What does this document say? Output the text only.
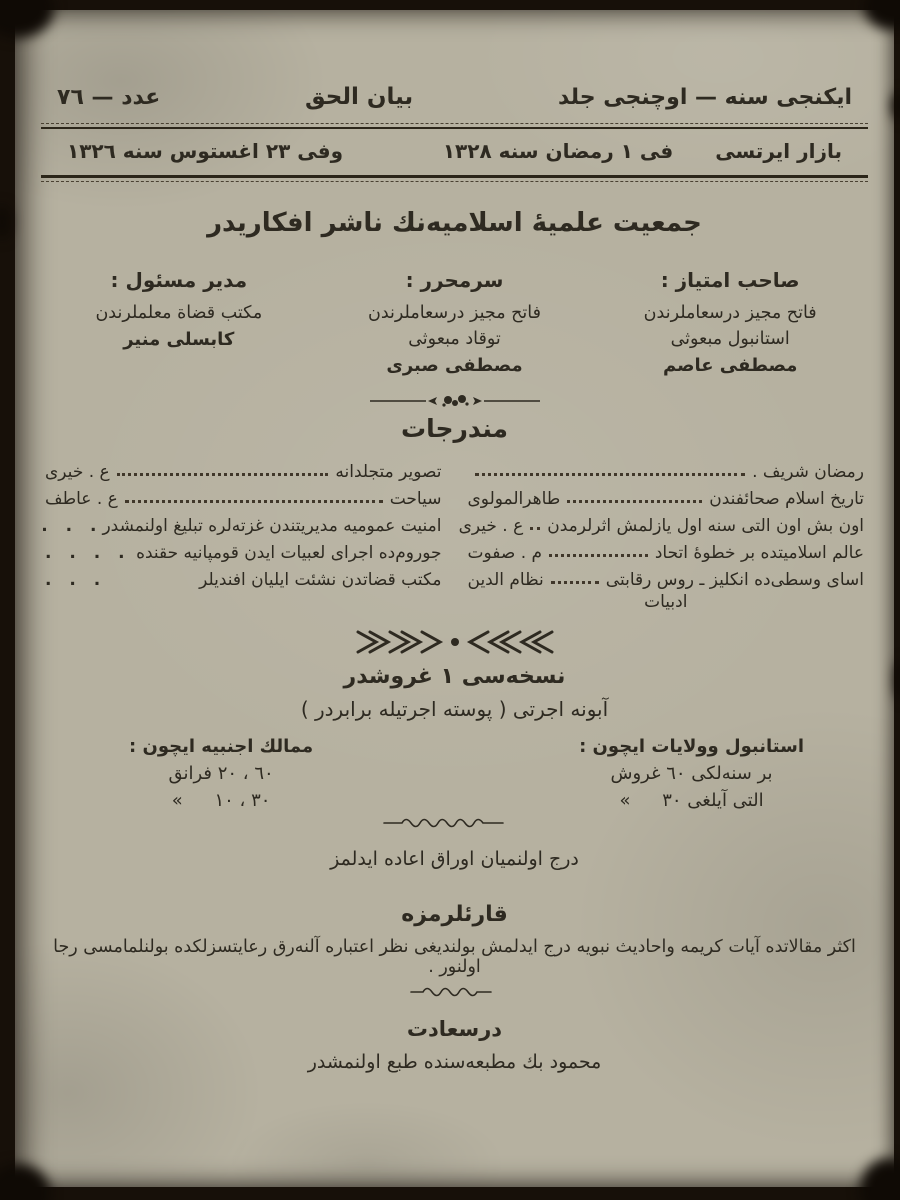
ايكنجى سنه — اوچنجى جلد
بيان الحق
عدد — ٧٦
بازار ايرتسى
فى ١ رمضان سنه ١٣٢٨
وفى ٢٣ اغستوس سنه ١٣٢٦
جمعيت علميهٔ اسلاميه‌نك ناشر افكاريدر
صاحب امتياز :
فاتح مجيز درسعاملرندن
استانبول مبعوثى
مصطفى عاصم
سرمحرر :
فاتح مجيز درسعاملرندن
توقاد مبعوثى
مصطفى صبرى
مدير مسئول :
مكتب قضاة معلملرندن
كابسلى منير
مندرجات
رمضان شريف .
تاريخ اسلام صحائفندن
طاهرالمولوى
اون بش اون التى سنه اول يازلمش اثرلرمدن
ع . خيرى
عالم اسلاميتده بر خطوهٔ اتحاد
م . صفوت
اساى وسطى‌ده انكليز ـ روس رقابتى
نظام الدين
ادبيات
تصوير متجلدانه
ع . خيرى
سياحت
ع . عاطف
امنيت عموميه مديريتندن غزته‌لره تبليغ اولنمشدر
. . .
جوروم‌ده اجراى لعبيات ايدن قومپانيه حقنده
. . . .
مكتب قضاتدن نشئت ايليان افنديلر
. . .
نسخه‌سى ١ غروشدر
آبونه اجرتى ( پوسته اجرتيله برابردر )
استانبول وولايات ايچون :
بر سنه‌لكى ٦٠ غروش
التى آيلغى ٣٠ »
ممالك اجنبيه ايچون :
٦٠ ، ٢٠ فرانق
٣٠ ، ١٠ »
درج اولنميان اوراق اعاده ايدلمز
قارئلرمزه
اكثر مقالاتده آيات كريمه واحاديث نبويه درج ايدلمش بولنديغى نظر اعتباره آلنه‌رق رعايتسزلكده بولنلمامسى رجا اولنور .
درسعادت
محمود بك مطبعه‌سنده طبع اولنمشدر
